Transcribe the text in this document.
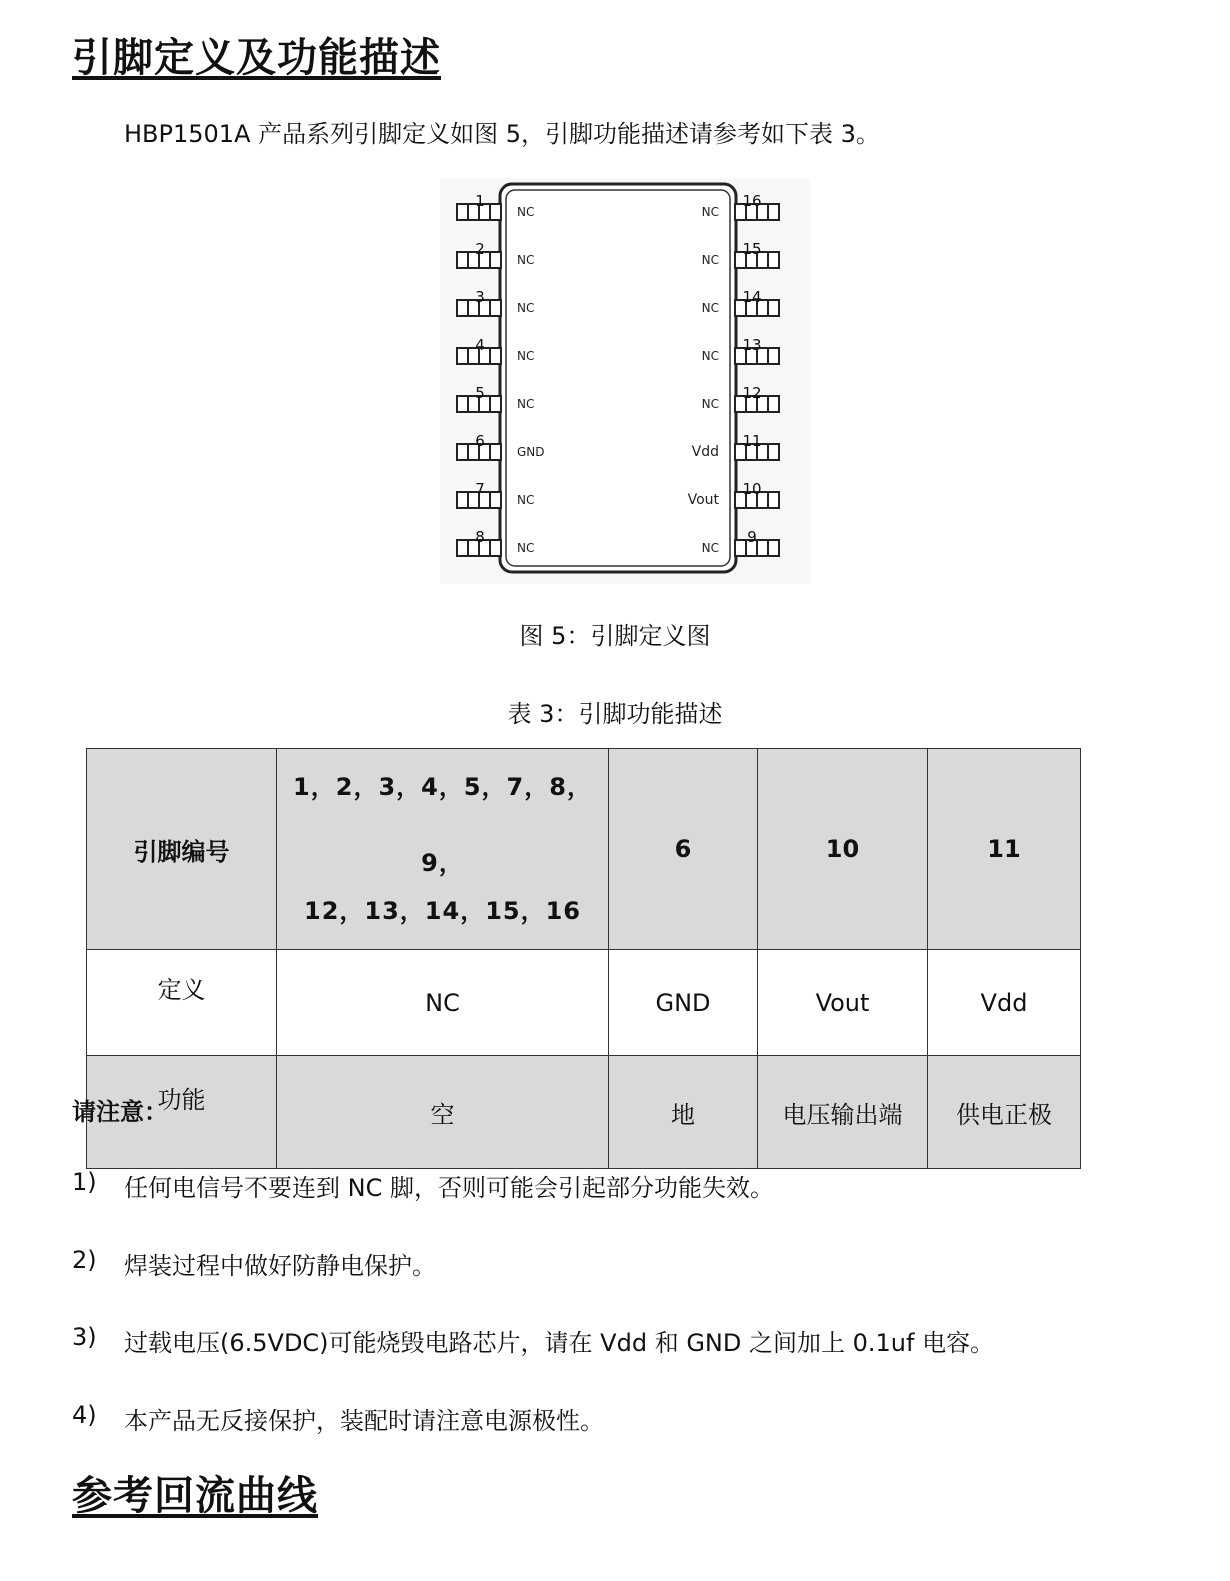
引脚定义及功能描述

HBP1501A 产品系列引脚定义如图 5，引脚功能描述请参考如下表 3。

1
NC
2
NC
3
NC
4
NC
5
NC
6
GND
7
NC
8
NC
16
NC
15
NC
14
NC
13
NC
12
NC
11
Vdd
10
Vout
9
NC

图 5：引脚定义图

表 3：引脚功能描述

引脚编号	1，2，3，4，5，7，8，9，
12，13，14，15，16	6	10	11
定义	NC	GND	Vout	Vdd
功能	空	地	电压输出端	供电正极

请注意：

1) 任何电信号不要连到 NC 脚，否则可能会引起部分功能失效。
2) 焊装过程中做好防静电保护。
3) 过载电压(6.5VDC)可能烧毁电路芯片，请在 Vdd 和 GND 之间加上 0.1uf 电容。
4) 本产品无反接保护，装配时请注意电源极性。
参考回流曲线
